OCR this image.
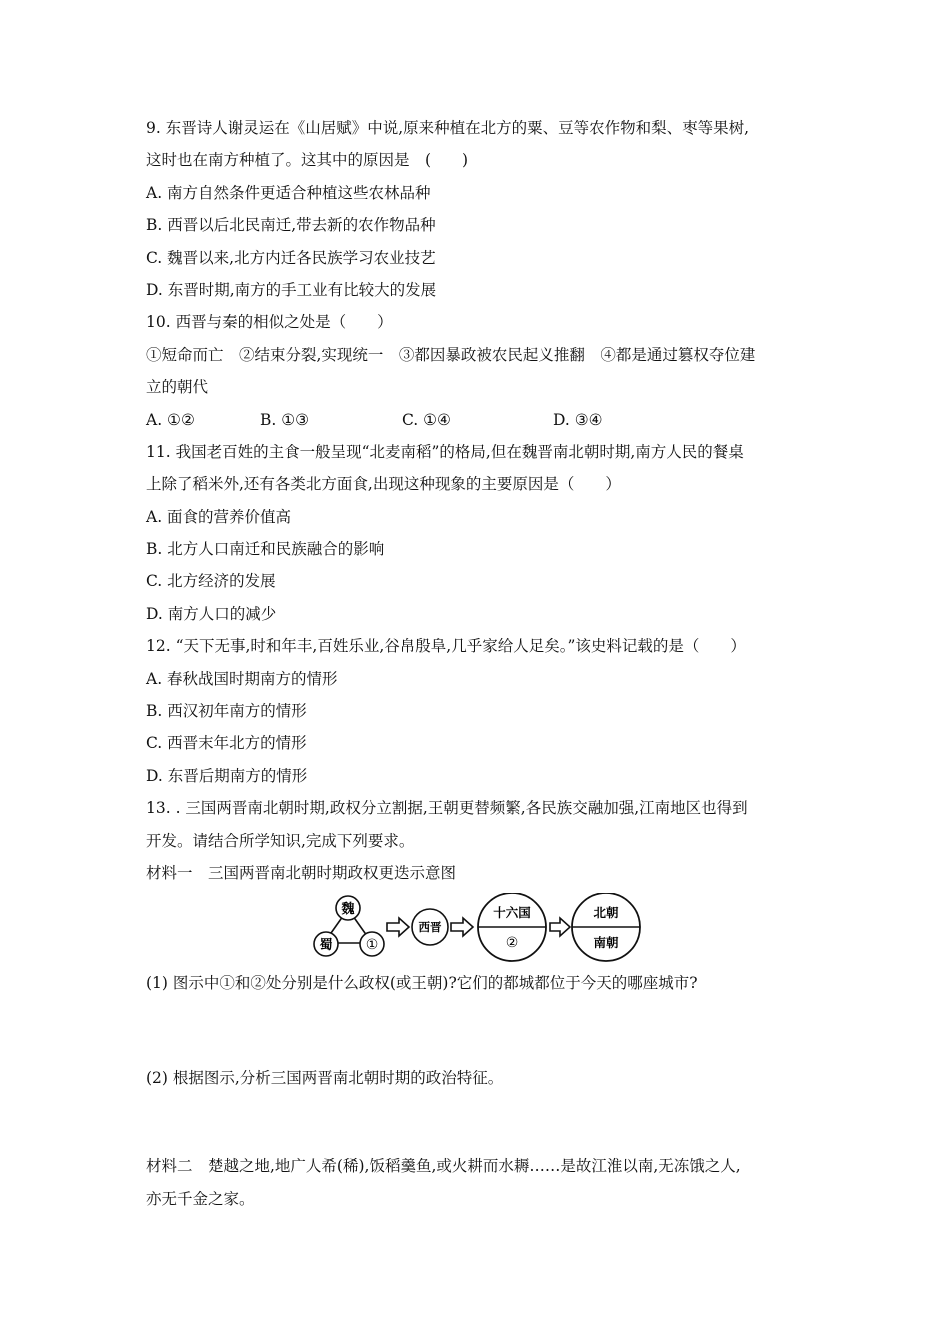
9. 东晋诗人谢灵运在《山居赋》中说,原来种植在北方的粟、豆等农作物和梨、枣等果树,
这时也在南方种植了。这其中的原因是　(　　)
A. 南方自然条件更适合种植这些农林品种
B. 西晋以后北民南迁,带去新的农作物品种
C. 魏晋以来,北方内迁各民族学习农业技艺
D. 东晋时期,南方的手工业有比较大的发展
10. 西晋与秦的相似之处是（　　）
①短命而亡　②结束分裂,实现统一　③都因暴政被农民起义推翻　④都是通过篡权夺位建
立的朝代
A. ①②	B. ①③	C. ①④	D. ③④
11. 我国老百姓的主食一般呈现“北麦南稻”的格局,但在魏晋南北朝时期,南方人民的餐桌
上除了稻米外,还有各类北方面食,出现这种现象的主要原因是（　　）
A. 面食的营养价值高
B. 北方人口南迁和民族融合的影响
C. 北方经济的发展
D. 南方人口的减少
12. “天下无事,时和年丰,百姓乐业,谷帛殷阜,几乎家给人足矣。”该史料记载的是（　　）
A. 春秋战国时期南方的情形
B. 西汉初年南方的情形
C. 西晋末年北方的情形
D. 东晋后期南方的情形
13. . 三国两晋南北朝时期,政权分立割据,王朝更替频繁,各民族交融加强,江南地区也得到
开发。请结合所学知识,完成下列要求。
材料一　三国两晋南北朝时期政权更迭示意图
魏
蜀 ①
西晋
十六国
②
北朝
南朝
(1) 图示中①和②处分别是什么政权(或王朝)?它们的都城都位于今天的哪座城市?
(2) 根据图示,分析三国两晋南北朝时期的政治特征。
材料二　楚越之地,地广人希(稀),饭稻羹鱼,或火耕而水耨……是故江淮以南,无冻饿之人,
亦无千金之家。
